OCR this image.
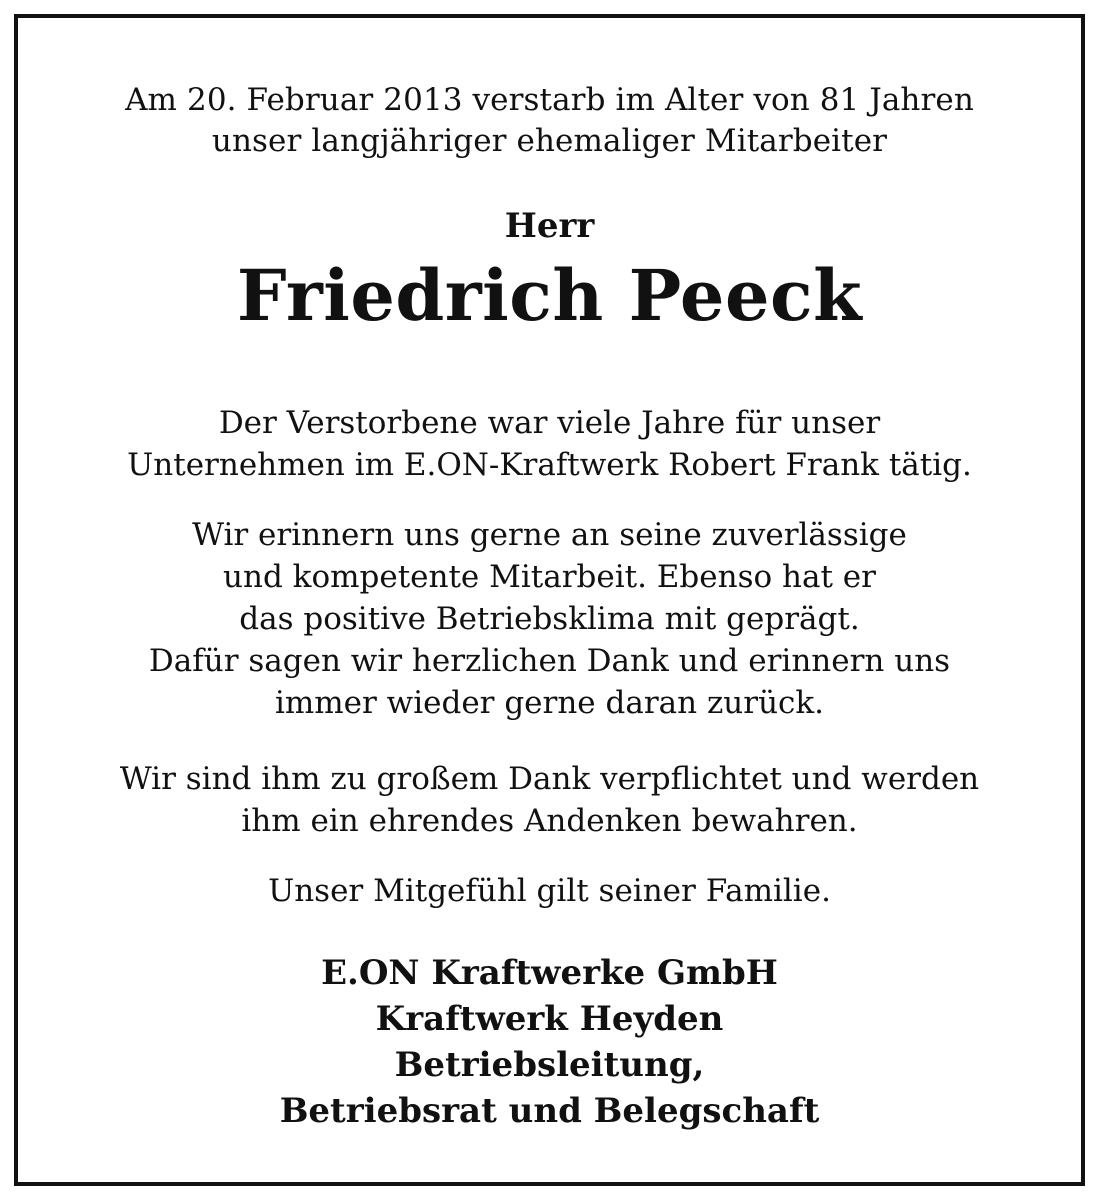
Am 20. Februar 2013 verstarb im Alter von 81 Jahren
unser langjähriger ehemaliger Mitarbeiter
Herr
Friedrich Peeck
Der Verstorbene war viele Jahre für unser
Unternehmen im E.ON-Kraftwerk Robert Frank tätig.
Wir erinnern uns gerne an seine zuverlässige
und kompetente Mitarbeit. Ebenso hat er
das positive Betriebsklima mit geprägt.
Dafür sagen wir herzlichen Dank und erinnern uns
immer wieder gerne daran zurück.
Wir sind ihm zu großem Dank verpflichtet und werden
ihm ein ehrendes Andenken bewahren.
Unser Mitgefühl gilt seiner Familie.
E.ON Kraftwerke GmbH
Kraftwerk Heyden
Betriebsleitung,
Betriebsrat und Belegschaft
